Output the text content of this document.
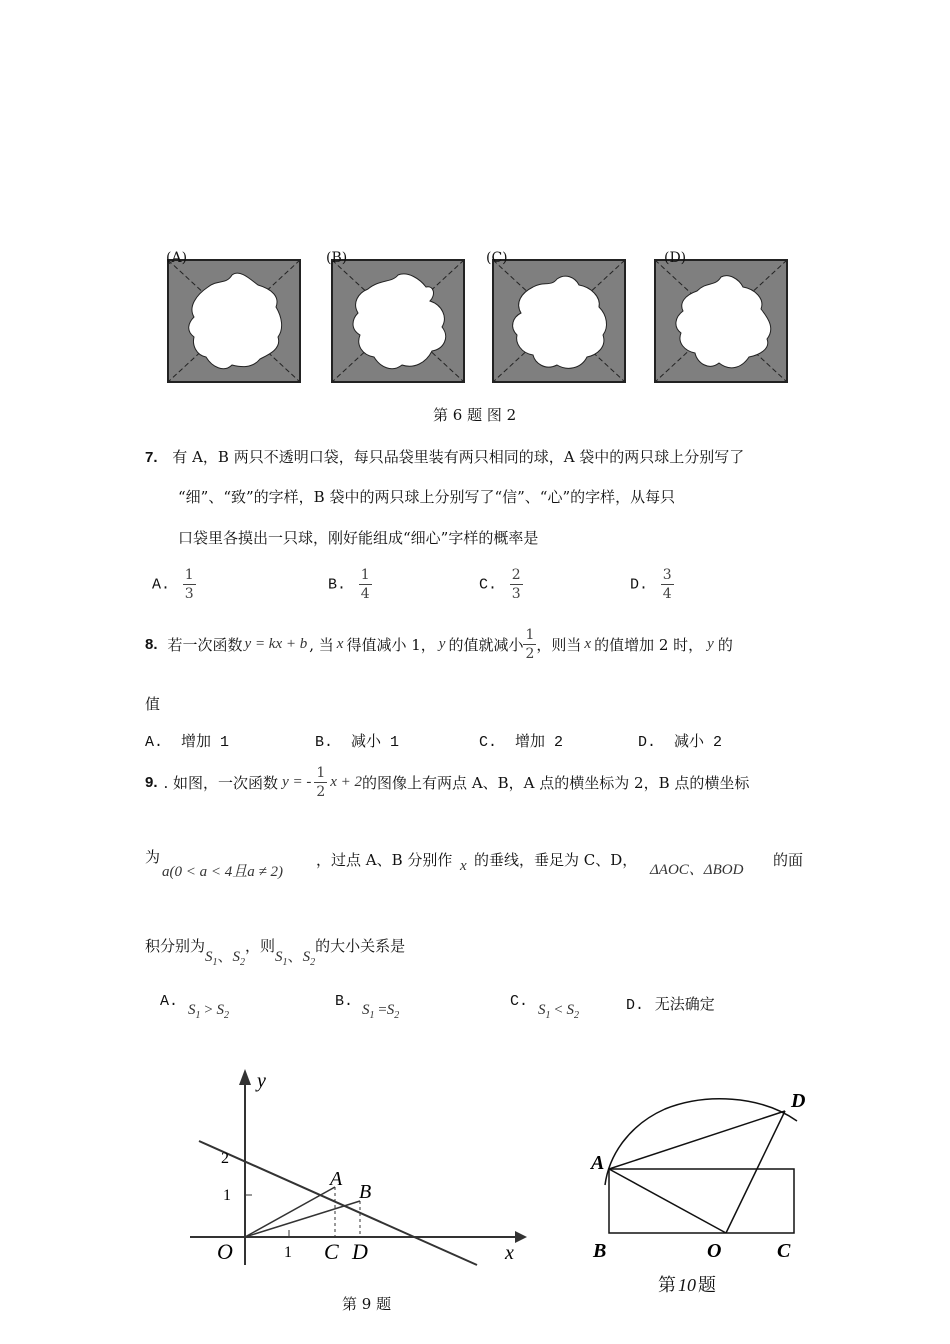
(A)	(B)	(C)	(D)
第 6 题 图 2
7. 有 A，B 两只不透明口袋，每只品袋里装有两只相同的球，A 袋中的两只球上分别写了
“细”、“致”的字样，B 袋中的两只球上分别写了“信”、“心”的字样，从每只
口袋里各摸出一只球，刚好能组成“细心”字样的概率是
A. $\frac{1}{3}$	B. $\frac{1}{4}$	C. $\frac{2}{3}$	D. $\frac{3}{4}$
8. 若一次函数 y = kx + b , 当 x 得值减小 1， y 的值就减小 $\frac{1}{2}$ ，则当 x 的值增加 2 时， y 的
值
A.  增加 1	B.  减小 1	C.  增加 2	D.  减小 2
9. . 如图，一次函数 y = - $\frac{1}{2}$ x + 2 的图像上有两点 A、B，A 点的横坐标为 2，B 点的横坐标
为
a(0 < a < 4且a ≠ 2)
，过点 A、B 分别作 x 的垂线，垂足为 C、D，
ΔAOC、ΔBOD
的面
积分别为
$S_1$、$S_2$
，则
$S_1$、$S_2$
的大小关系是
A. $S_1 > S_2$
B. $S_1 =S_2$
C. $S_1 < S_2$
D. 无法确定
y
x
O	1
1
2
A
B
C D
第 9 题
A
B	O	C
D
第 10 题
